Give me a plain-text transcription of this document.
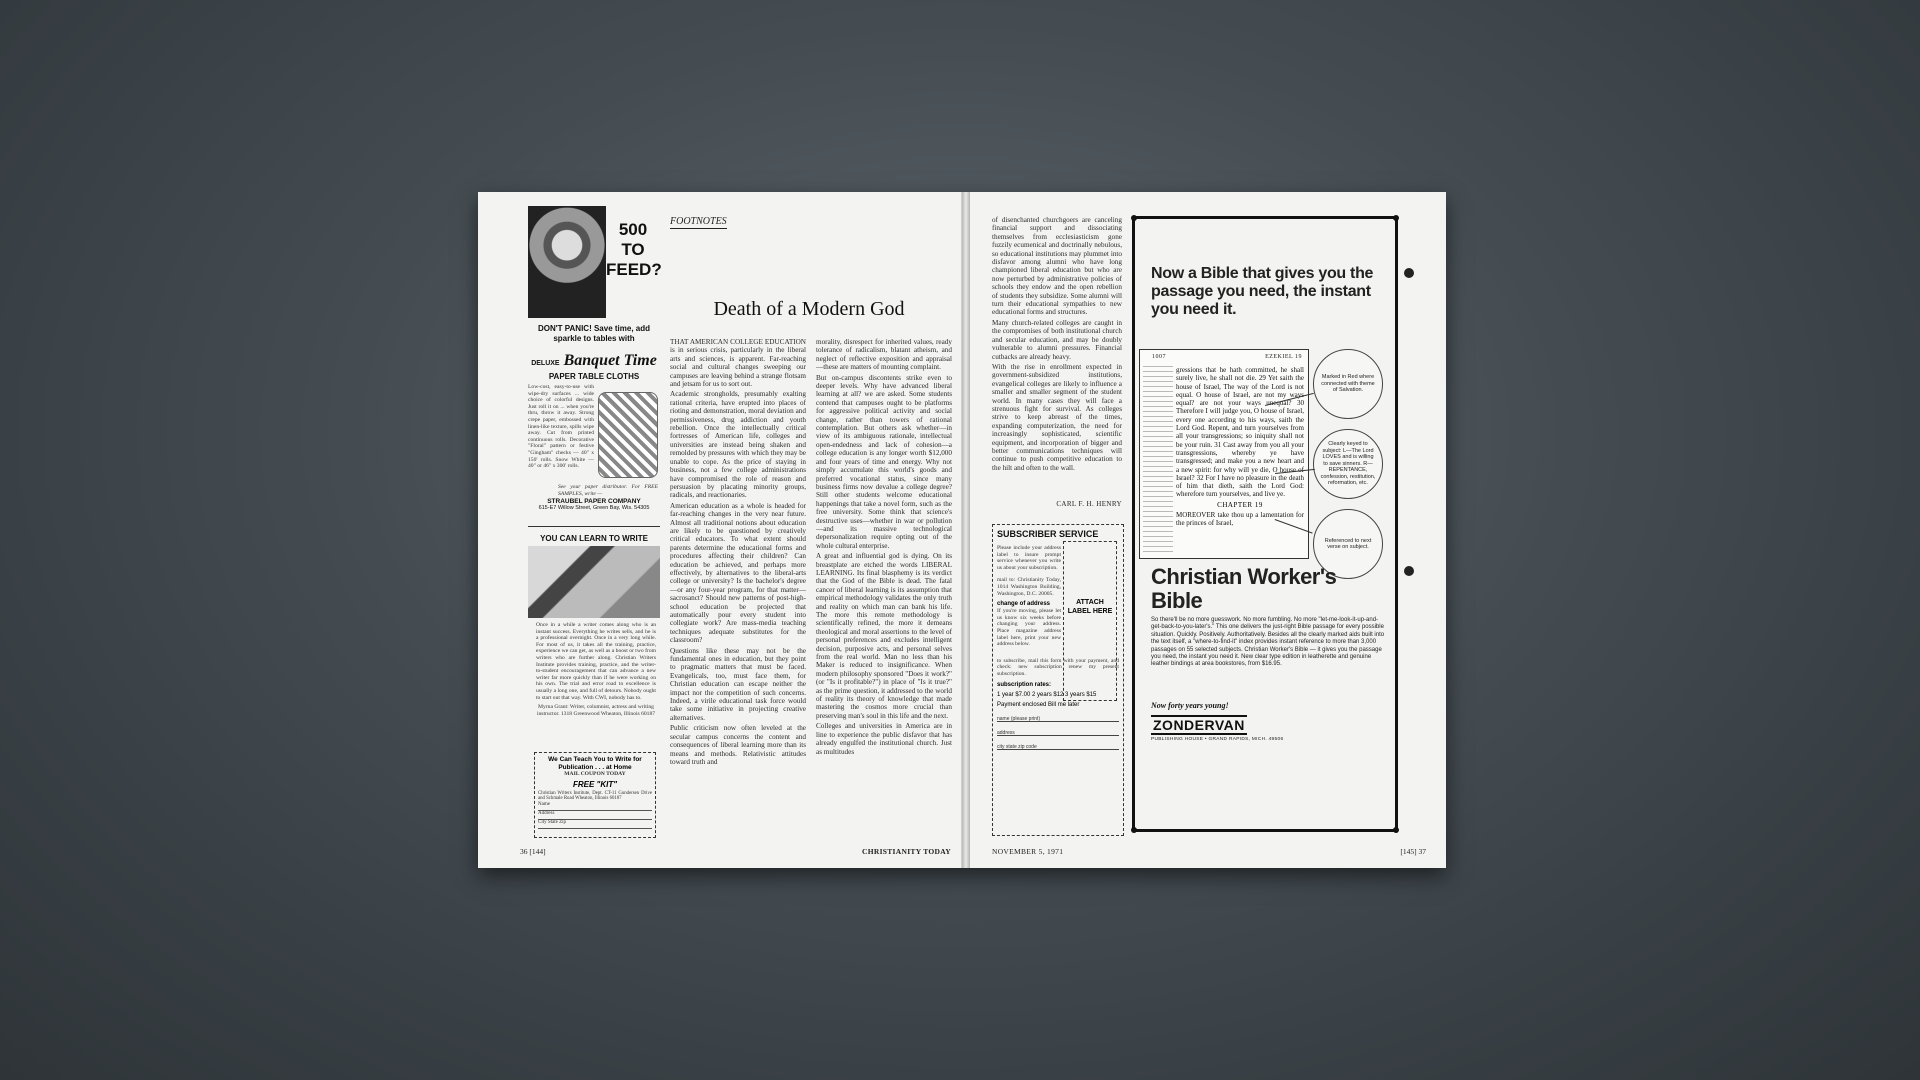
500 TO FEED?
DON'T PANIC! Save time, add sparkle to tables with
DELUXE Banquet Time
PAPER TABLE CLOTHS
Low-cost, easy-to-use with wipe-dry surfaces ... wide choice of colorful designs. Just roll it on ... when you're thru, throw it away. Strong crepe paper, embossed with linen-like texture, spills wipe away. Cut from printed continuous rolls. Decorative "Floral" pattern or festive "Gingham" checks — 40" x 150' rolls. Snow White — 40" or 46" x 300' rolls.
See your paper distributor. For FREE SAMPLES, write —
STRAUBEL PAPER COMPANY
615-E7 Willow Street, Green Bay, Wis. 54305
YOU CAN LEARN TO WRITE
Once in a while a writer comes along who is an instant success. Everything he writes sells, and he is a professional overnight. Once in a very long while. For most of us, it takes all the training, practice, experience we can get, as well as a boost or two from writers who are further along. Christian Writers Institute provides training, practice, and the writer-to-student encouragement that can advance a new writer far more quickly than if he were working on his own. The trial and error road to excellence is usually a long one, and full of detours. Nobody ought to start out that way. With CWI, nobody has to.
Myrna Grant: Writer, columnist, actress and writing instructor. 1318 Greenwood Wheaton, Illinois 60187
We Can Teach You to Write for Publication . . . at Home
MAIL COUPON TODAY
FREE "KIT"
Christian Writers Institute, Dept. CT-11 Gundersen Drive and Schmale Road Wheaton, Illinois 60187
Name
Address
City State Zip
FOOTNOTES
Death of a Modern God

THAT AMERICAN COLLEGE EDUCATION is in serious crisis, particularly in the liberal arts and sciences, is apparent. Far-reaching social and cultural changes sweeping our campuses are leaving behind a strange flotsam and jetsam for us to sort out.

Academic strongholds, presumably exalting rational criteria, have erupted into places of rioting and demonstration, moral deviation and permissiveness, drug addiction and youth rebellion. Once the intellectually critical fortresses of American life, colleges and universities are instead being shaken and remolded by pressures with which they may be unable to cope. As the price of staying in business, not a few college administrations have compromised the role of reason and persuasion by placating minority groups, radicals, and reactionaries.

American education as a whole is headed for far-reaching changes in the very near future. Almost all traditional notions about education are likely to be questioned by creatively critical educators. To what extent should parents determine the educational forms and procedures affecting their children? Can education be achieved, and perhaps more effectively, by alternatives to the liberal-arts college or university? Is the bachelor's degree—or any four-year program, for that matter—sacrosanct? Should new patterns of post-high-school education be projected that automatically pour every student into collegiate work? Are mass-media teaching techniques adequate substitutes for the classroom?

Questions like these may not be the fundamental ones in education, but they point to pragmatic matters that must be faced. Evangelicals, too, must face them, for Christian education can escape neither the impact nor the competition of such concerns. Indeed, a virile educational task force would take some initiative in projecting creative alternatives.

Public criticism now often leveled at the secular campus concerns the content and consequences of liberal learning more than its means and methods. Relativistic attitudes toward truth and

morality, disrespect for inherited values, ready tolerance of radicalism, blatant atheism, and neglect of reflective exposition and appraisal—these are matters of mounting complaint.

But on-campus discontents strike even to deeper levels. Why have advanced liberal learning at all? we are asked. Some students contend that campuses ought to be platforms for aggressive political activity and social change, rather than towers of rational contemplation. But others ask whether—in view of its ambiguous rationale, intellectual open-endedness and lack of cohesion—a college education is any longer worth $12,000 and four years of time and energy. Why not simply accumulate this world's goods and preferred vocational status, since many business firms now devalue a college degree? Still other students welcome educational happenings that take a novel form, such as the free university. Some think that science's destructive uses—whether in war or pollution—and its massive technological depersonalization require opting out of the whole cultural enterprise.

A great and influential god is dying. On its breastplate are etched the words LIBERAL LEARNING. Its final blasphemy is its verdict that the God of the Bible is dead. The fatal cancer of liberal learning is its assumption that empirical methodology validates the only truth and reality on which man can bank his life. The more this remote methodology is scientifically refined, the more it demeans theological and moral assertions to the level of personal preferences and excludes intelligent decision, purposive acts, and personal selves from the real world. Man no less than his Maker is reduced to insignificance. When modern philosophy sponsored "Does it work?" (or "Is it profitable?") in place of "Is it true?" as the prime question, it addressed to the world of reality its theory of knowledge that made mastering the cosmos more crucial than preserving man's soul in this life and the next.

Colleges and universities in America are in line to experience the public disfavor that has already engulfed the institutional church. Just as multitudes

36 [144]	CHRISTIANITY TODAY

of disenchanted churchgoers are canceling financial support and dissociating themselves from ecclesiasticism gone fuzzily ecumenical and doctrinally nebulous, so educational institutions may plummet into disfavor among alumni who have long championed liberal education but who are now perturbed by administrative policies of schools they endow and the open rebellion of students they subsidize. Some alumni will turn their educational sympathies to new educational forms and structures.

Many church-related colleges are caught in the compromises of both institutional church and secular education, and may be doubly vulnerable to alumni pressures. Financial cutbacks are already heavy.

With the rise in enrollment expected in government-subsidized institutions, evangelical colleges are likely to influence a smaller and smaller segment of the student world. In many cases they will face a strenuous fight for survival. As colleges strive to keep abreast of the times, expanding computerization, the need for increasingly sophisticated, scientific equipment, and incorporation of bigger and better communications techniques will continue to push competitive education to the hilt and often to the wall.

CARL F. H. HENRY
SUBSCRIBER SERVICE
ATTACH LABEL HERE
Please include your address label to insure prompt service whenever you write us about your subscription.
mail to: Christianity Today, 1014 Washington Building, Washington, D.C. 20005.
change of address
If you're moving, please let us know six weeks before changing your address. Place magazine address label here, print your new address below.
to subscribe, mail this form with your payment, and check: new subscription renew my present subscription.
subscription rates:
1 year $7.00 2 years $12 3 years $15
Payment enclosed Bill me later
name (please print)
address
city state zip code
Now a Bible that gives you the passage you need, the instant you need it.
1007	EZEKIEL 19

gressions that he hath committed, he shall surely live, he shall not die. 29 Yet saith the house of Israel, The way of the Lord is not equal. O house of Israel, are not my ways equal? are not your ways unequal? 30 Therefore I will judge you, O house of Israel, every one according to his ways, saith the Lord God. Repent, and turn yourselves from all your transgressions; so iniquity shall not be your ruin. 31 Cast away from you all your transgressions, whereby ye have transgressed; and make you a new heart and a new spirit: for why will ye die, O house of Israel? 32 For I have no pleasure in the death of him that dieth, saith the Lord God: wherefore turn yourselves, and live ye.

CHAPTER 19

MOREOVER take thou up a lamentation for the princes of Israel,

Marked in Red where connected with theme of Salvation.
Clearly keyed to subject: L—The Lord LOVES and is willing to save sinners. R—REPENTANCE, confession, restitution, reformation, etc.
Referenced to next verse on subject.
Christian Worker's Bible
So there'll be no more guesswork. No more fumbling. No more "let-me-look-it-up-and-get-back-to-you-later's." This one delivers the just-right Bible passage for every possible situation. Quickly. Positively. Authoritatively. Besides all the clearly marked aids built into the text itself, a "where-to-find-it" index provides instant reference to more than 3,000 passages on 55 selected subjects. Christian Worker's Bible — it gives you the passage you need, the instant you need it. New clear type edition in leatherette and genuine leather bindings at area bookstores, from $16.95.
Now forty years young!
ZONDERVAN
PUBLISHING HOUSE • GRAND RAPIDS, MICH. 49506
NOVEMBER 5, 1971	[145] 37
